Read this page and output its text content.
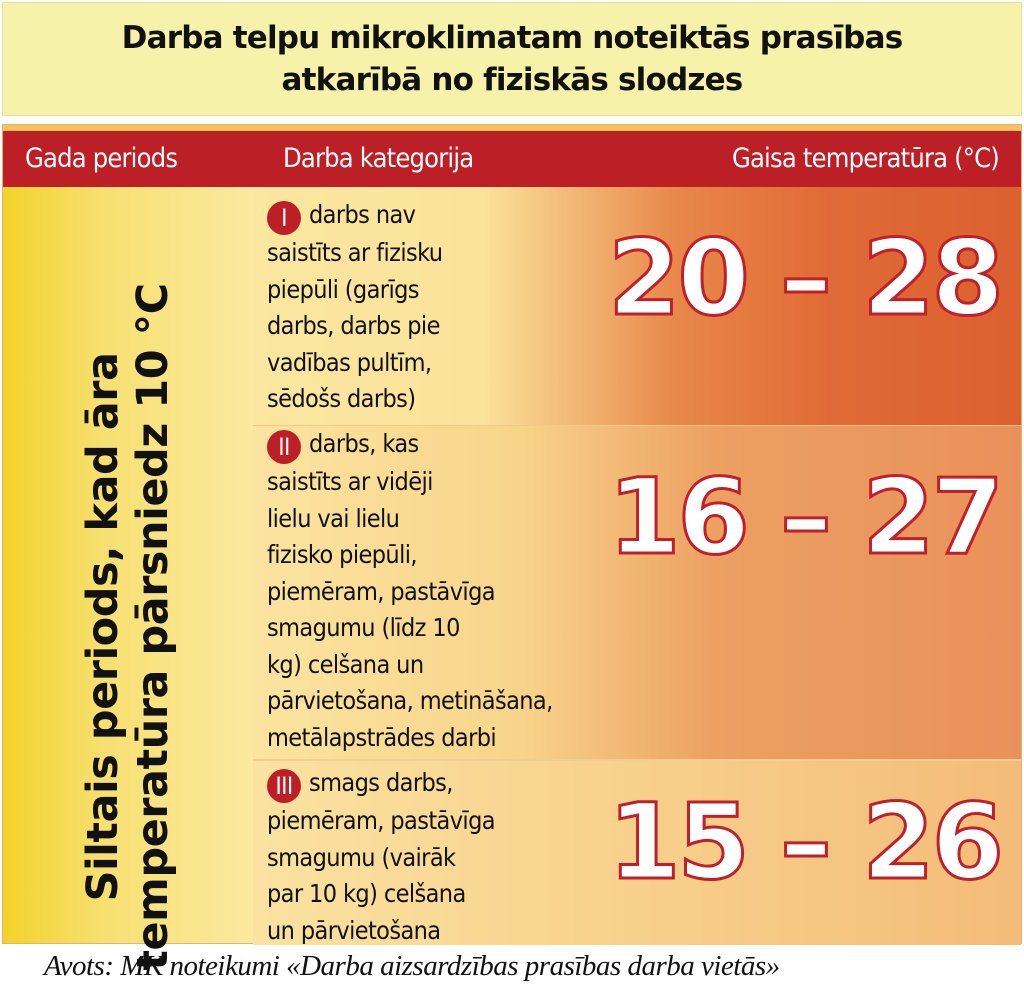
Darba telpu mikroklimatam noteiktās prasības
atkarībā no fiziskās slodzes
Gada periods	Darba kategorija	Gaisa temperatūra (°C)
Siltais periods, kad āra temperatūra pārsniedz 10 °C
I darbs nav
saistīts ar fizisku
piepūli (garīgs
darbs, darbs pie
vadības pultīm,
sēdošs darbs)
20 – 28
II darbs, kas
saistīts ar vidēji
lielu vai lielu
fizisko piepūli,
piemēram, pastāvīga
smagumu (līdz 10
kg) celšana un
pārvietošana, metināšana,
metālapstrādes darbi
16 – 27
III smags darbs,
piemēram, pastāvīga
smagumu (vairāk
par 10 kg) celšana
un pārvietošana
15 – 26
Avots: MK noteikumi «Darba aizsardzības prasības darba vietās»
